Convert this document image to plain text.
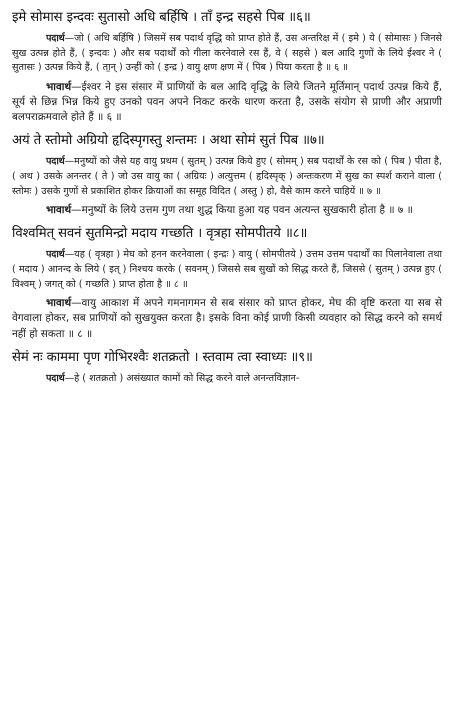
इमे सोमास इन्दवः सुतासो अधि बर्हिषि । ताँ इन्द्र सहसे पिब ॥६॥

पदार्थ—जो ( अधि बर्हिषि ) जिसमें सब पदार्थ वृद्धि को प्राप्त होते हैं, उस अन्तरिक्ष में ( इमे ) ये ( सोमासः ) जिनसे सुख उत्पन्न होते हैं, ( इन्दवः ) और सब पदार्थों को गीला करनेवाले रस हैं, वे ( सहसे ) बल आदि गुणों के लिये ईश्वर ने ( सुतासः ) उत्पन्न किये हैं, ( ता॒न् ) उन्हीं को ( इन्द्र ) वायु क्षण क्षण में ( पिब ) पिया करता है ॥ ६ ॥

भावार्थ—ईश्वर ने इस संसार में प्राणियों के बल आदि वृद्धि के लिये जितने मूर्तिमान् पदार्थ उत्पन्न किये हैं, सूर्य से छिन्न भिन्न किये हुए उनको पवन अपने निकट करके धारण करता है, उसके संयोग से प्राणी और अप्राणी बलपराक्रमवाले होते हैं ॥ ६ ॥

अयं ते स्तोमो अग्रियो हृदिस्पृगस्तु शन्तमः । अथा सोमं सुतं पिब ॥७॥

पदार्थ—मनुष्यों को जैसे यह वायु प्रथम ( सुतम् ) उत्पन्न किये हुए ( सोमम् ) सब पदार्थों के रस को ( पिब ) पीता है, ( अथ ) उसके अनन्तर ( ते ) जो उस वायु का ( अग्रियः ) अत्युत्तम ( हृदिस्पृक् ) अन्तःकरण में सुख का स्पर्श कराने वाला ( स्तोमः ) उसके गुणों से प्रकाशित होकर क्रियाओं का समूह विदित ( अस्तु ) हो, वैसे काम करने चाहियें ॥ ७ ॥

भावार्थ—मनुष्यों के लिये उत्तम गुण तथा शुद्ध किया हुआ यह पवन अत्यन्त सुखकारी होता है ॥ ७ ॥

विश्वमित् सवनं सुतमिन्द्रो मदाय गच्छति । वृत्रहा सोमपीतये ॥८॥

पदार्थ—यह ( वृत्रहा ) मेघ को हनन करनेवाला ( इन्द्रः ) वायु ( सोमपीतये ) उत्तम उत्तम पदार्थों का पिलानेवाला तथा ( मदाय ) आनन्द के लिये ( इत् ) निश्चय करके ( सवनम् ) जिससे सब सुखों को सिद्ध करते हैं, जिससे ( सुतम् ) उत्पन्न हुए ( विश्वम् ) जगत् को ( गच्छति ) प्राप्त होता है ॥ ८ ॥

भावार्थ—वायु आकाश में अपने गमनागमन से सब संसार को प्राप्त होकर, मेघ की वृष्टि करता या सब से वेगवाला होकर, सब प्राणियों को सुखयुक्त करता है। इसके विना कोई प्राणी किसी व्यवहार को सिद्ध करने को समर्थ नहीं हो सकता ॥ ८ ॥

सेमं नः काममा पृण गोभिरश्वैः शतक्रतो । स्तवाम त्वा स्वाध्यः ॥९॥

पदार्थ—हे ( शतक्रतो ) असंख्यात कामों को सिद्ध करने वाले अनन्तविज्ञान-
